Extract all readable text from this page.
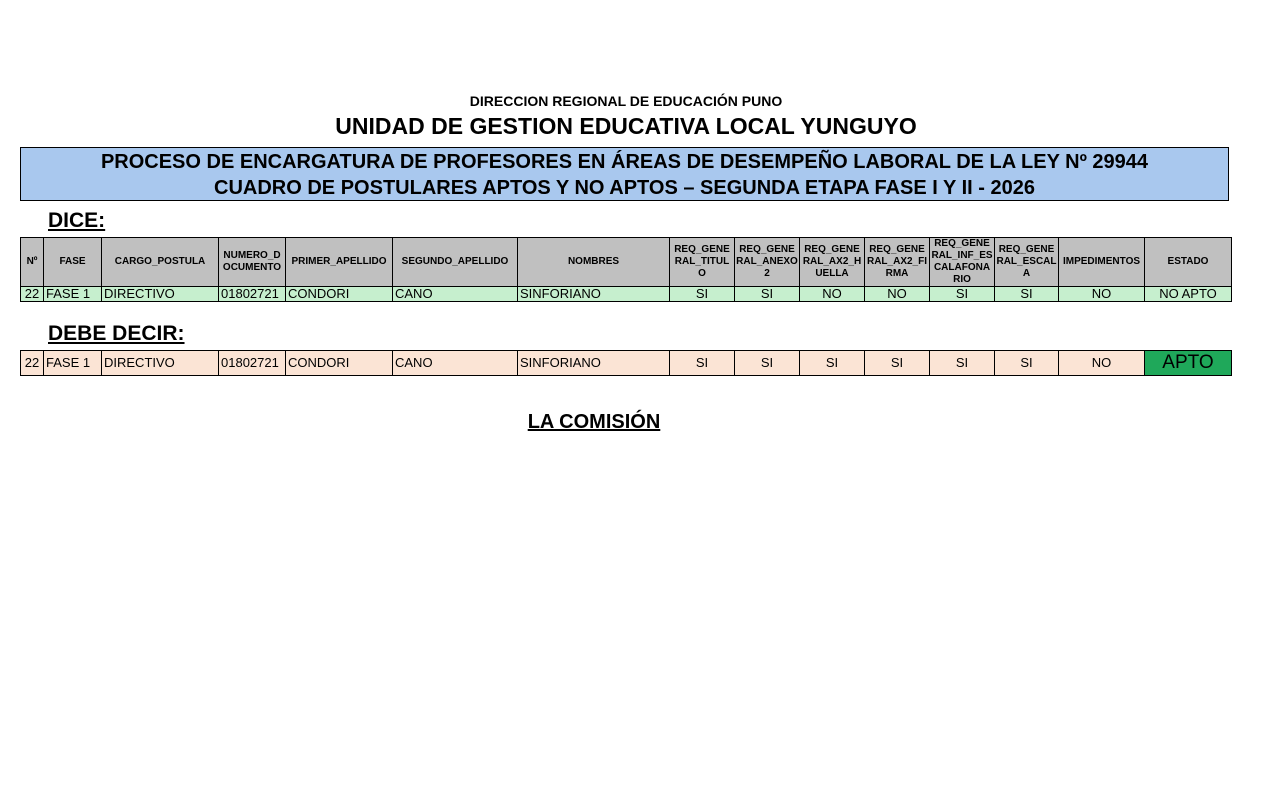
DIRECCION REGIONAL DE EDUCACIÓN PUNO
UNIDAD DE GESTION EDUCATIVA LOCAL YUNGUYO
PROCESO DE ENCARGATURA DE PROFESORES EN ÁREAS DE DESEMPEÑO LABORAL DE LA LEY Nº 29944
CUADRO DE POSTULARES APTOS Y NO APTOS – SEGUNDA ETAPA FASE I Y II - 2026
DICE:
Nº	FASE	CARGO_POSTULA	NUMERO_DOCUMENTO	PRIMER_APELLIDO	SEGUNDO_APELLIDO	NOMBRES	REQ_GENERAL_TITULO	REQ_GENERAL_ANEXO2	REQ_GENERAL_AX2_HUELLA	REQ_GENERAL_AX2_FIRMA	REQ_GENERAL_INF_ESCALAFONARIO	REQ_GENERAL_ESCALA	IMPEDIMENTOS	ESTADO
22	FASE 1	DIRECTIVO	01802721	CONDORI	CANO	SINFORIANO	SI	SI	NO	NO	SI	SI	NO	NO APTO
DEBE DECIR:
22	FASE 1	DIRECTIVO	01802721	CONDORI	CANO	SINFORIANO	SI	SI	SI	SI	SI	SI	NO	APTO
LA COMISIÓN
